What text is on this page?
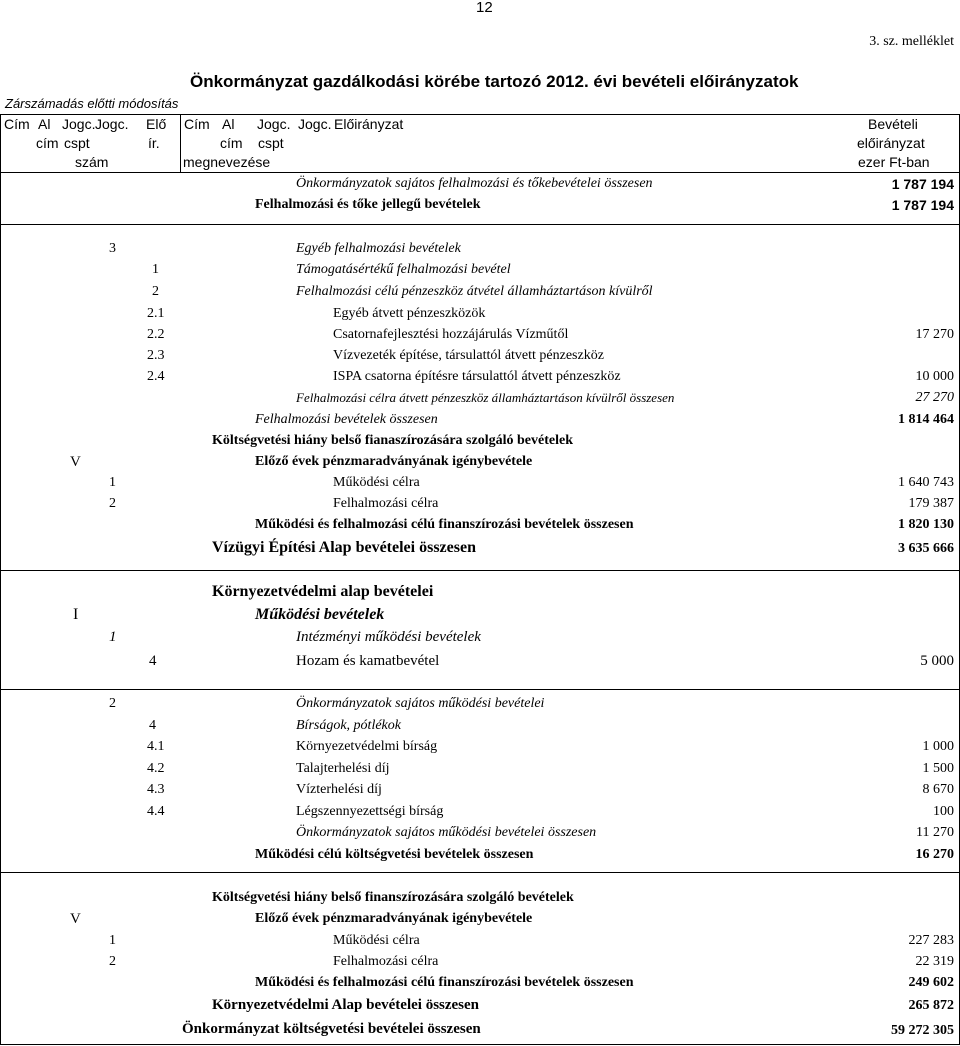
12
3. sz. melléklet
Önkormányzat gazdálkodási körébe tartozó 2012. évi bevételi előirányzatok
Zárszámadás előtti módosítás
Cím Al Jogc. Jogc. Elő
cím cspt	ír.
Cím Al Jogc. Jogc.
cím cspt
Előirányzat	Bevételi
előirányzat
szám	megnevezése	ezer Ft-ban
Önkormányzatok sajátos felhalmozási és tőkebevételei összesen	1 787 194
Felhalmozási és tőke jellegű bevételek	1 787 194
3	Egyéb felhalmozási bevételek
1	Támogatásértékű felhalmozási bevétel
2	Felhalmozási célú pénzeszköz átvétel államháztartáson kívülről
2.1	Egyéb átvett pénzeszközök
2.2	Csatornafejlesztési hozzájárulás Vízműtől	17 270
2.3	Vízvezeték építése, társulattól átvett pénzeszköz
2.4	ISPA csatorna építésre társulattól átvett pénzeszköz	10 000
Felhalmozási célra átvett pénzeszköz államháztartáson kívülről összesen	27 270
Felhalmozási bevételek összesen	1 814 464
Költségvetési hiány belső fianaszírozására szolgáló bevételek
V	Előző évek pénzmaradványának igénybevétele
1	Működési célra	1 640 743
2	Felhalmozási célra	179 387
Működési és felhalmozási célú finanszírozási bevételek összesen	1 820 130
Vízügyi Építési Alap bevételei összesen	3 635 666
Környezetvédelmi alap bevételei
I	Működési bevételek
1	Intézményi működési bevételek
4	Hozam és kamatbevétel	5 000
2	Önkormányzatok sajátos működési bevételei
4	Bírságok, pótlékok
4.1	Környezetvédelmi bírság	1 000
4.2	Talajterhelési díj	1 500
4.3	Vízterhelési díj	8 670
4.4	Légszennyezettségi bírság	100
Önkormányzatok sajátos működési bevételei összesen	11 270
Működési célú költségvetési bevételek összesen	16 270
Költségvetési hiány belső finanszírozására szolgáló bevételek
V	Előző évek pénzmaradványának igénybevétele
1	Működési célra	227 283
2	Felhalmozási célra	22 319
Működési és felhalmozási célú finanszírozási bevételek összesen	249 602
Környezetvédelmi Alap bevételei összesen	265 872
Önkormányzat költségvetési bevételei összesen	59 272 305
